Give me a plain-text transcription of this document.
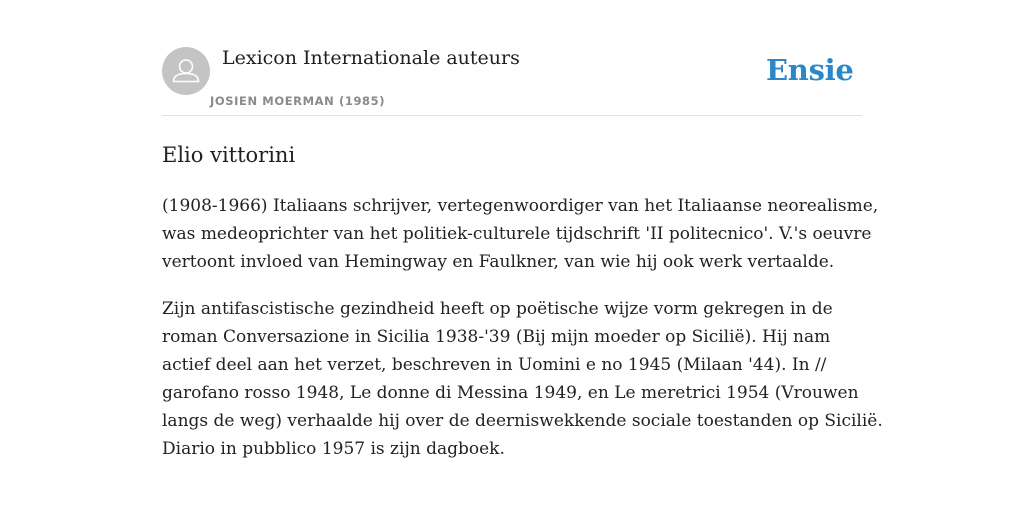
Lexicon Internationale auteurs
JOSIEN MOERMAN (1985)
Ensie
Elio vittorini

(1908-1966) Italiaans schrijver, vertegenwoordiger van het Italiaanse neorealisme,
was medeoprichter van het politiek-culturele tijdschrift 'II politecnico'. V.'s oeuvre
vertoont invloed van Hemingway en Faulkner, van wie hij ook werk vertaalde.

Zijn antifascistische gezindheid heeft op poëtische wijze vorm gekregen in de
roman Conversazione in Sicilia 1938-'39 (Bij mijn moeder op Sicilië). Hij nam
actief deel aan het verzet, beschreven in Uomini e no 1945 (Milaan '44). In //
garofano rosso 1948, Le donne di Messina 1949, en Le meretrici 1954 (Vrouwen
langs de weg) verhaalde hij over de deerniswekkende sociale toestanden op Sicilië.
Diario in pubblico 1957 is zijn dagboek.
